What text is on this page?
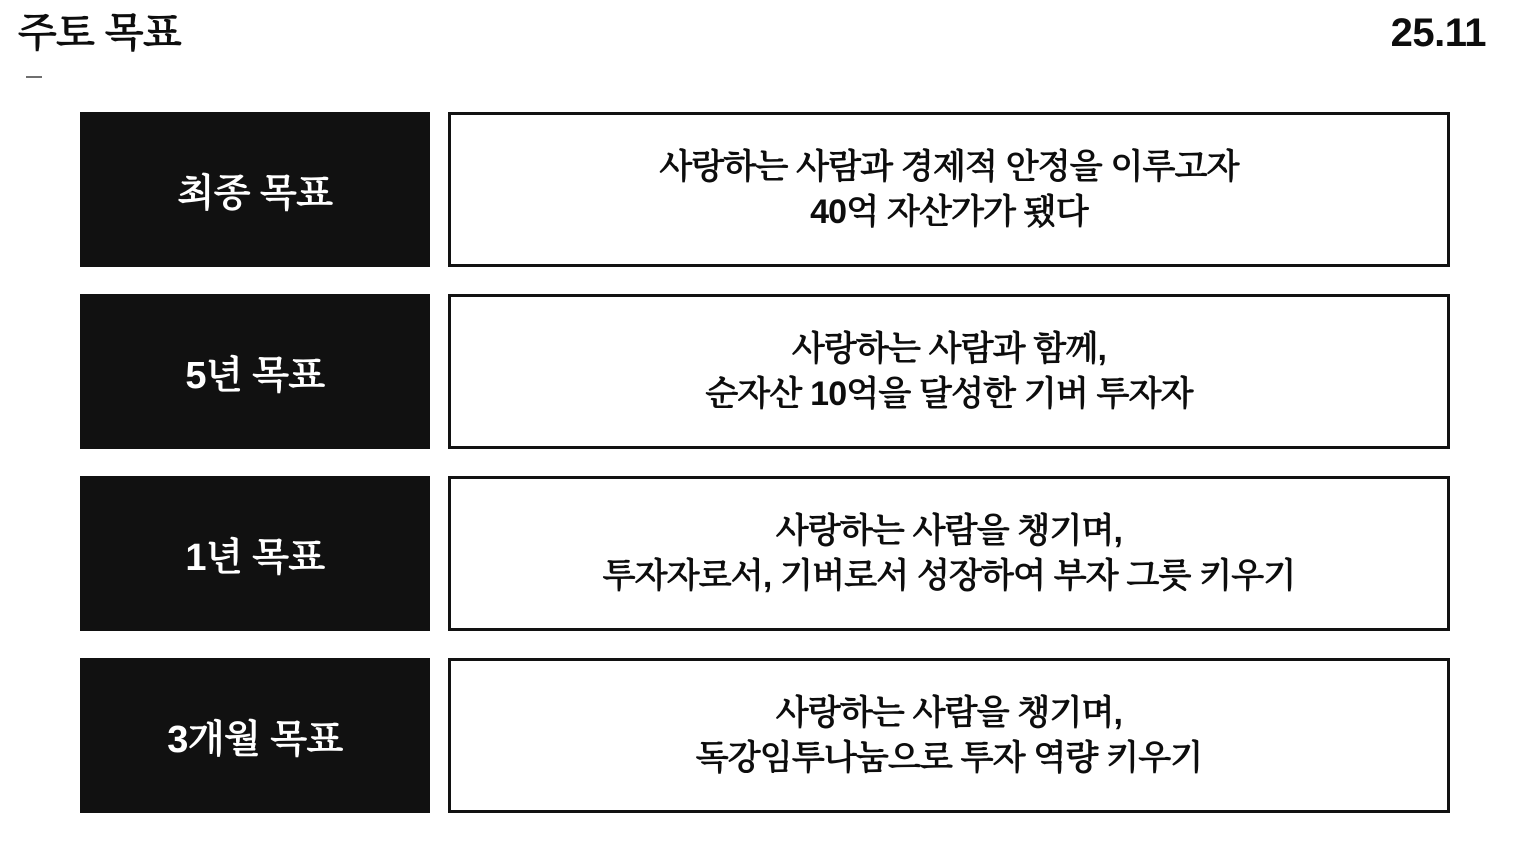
주토 목표	25.11
최종 목표
사랑하는 사람과 경제적 안정을 이루고자
40억 자산가가 됐다
5년 목표
사랑하는 사람과 함께,
순자산 10억을 달성한 기버 투자자
1년 목표
사랑하는 사람을 챙기며,
투자자로서, 기버로서 성장하여 부자 그릇 키우기
3개월 목표
사랑하는 사람을 챙기며,
독강임투나눔으로 투자 역량 키우기
